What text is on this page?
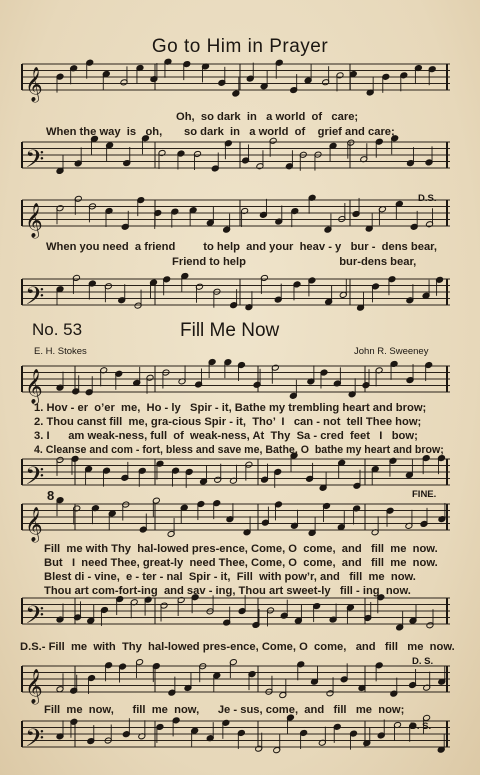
𝄞
𝄢
𝄞
𝄢
𝄞
𝄢
𝄞
𝄢
𝄞
𝄢
Go to Him in Prayer
Oh,  so dark  in   a world  of   care;
When the way  is   oh,       so dark  in   a world  of    grief and care;
When you need  a friend         to help  and your  heav - y   bur -  dens bear,
Friend to help                              bur-dens bear,
D.S.
No. 53	Fill Me Now
E. H. Stokes	John R. Sweeney
1. Hov - er  o’er  me,  Ho - ly   Spir - it, Bathe my trembling heart and brow;
2. Thou canst fill  me, gra-cious Spir - it,  Tho’  I   can - not  tell Thee how;
3. I      am weak-ness, full  of  weak-ness, At  Thy  Sa - cred  feet   I   bow;
4. Cleanse and com - fort, bless and save me, Bathe, O  bathe my heart and brow;
8	FINE.
Fill  me with Thy  hal-lowed pres-ence, Come, O  come,  and   fill  me  now.
But   I  need Thee, great-ly  need Thee, Come, O  come,  and   fill  me  now.
Blest di - vine,  e - ter - nal  Spir - it,  Fill  with pow’r, and   fill  me  now.
Thou art com-fort-ing  and sav - ing, Thou art sweet-ly   fill - ing  now.
D.S.- Fill  me  with  Thy  hal-lowed pres-ence, Come, O  come,   and   fill   me  now.
D. S.
Fill  me  now,      fill  me  now,      Je - sus, come,  and   fill   me  now;
D. S.
